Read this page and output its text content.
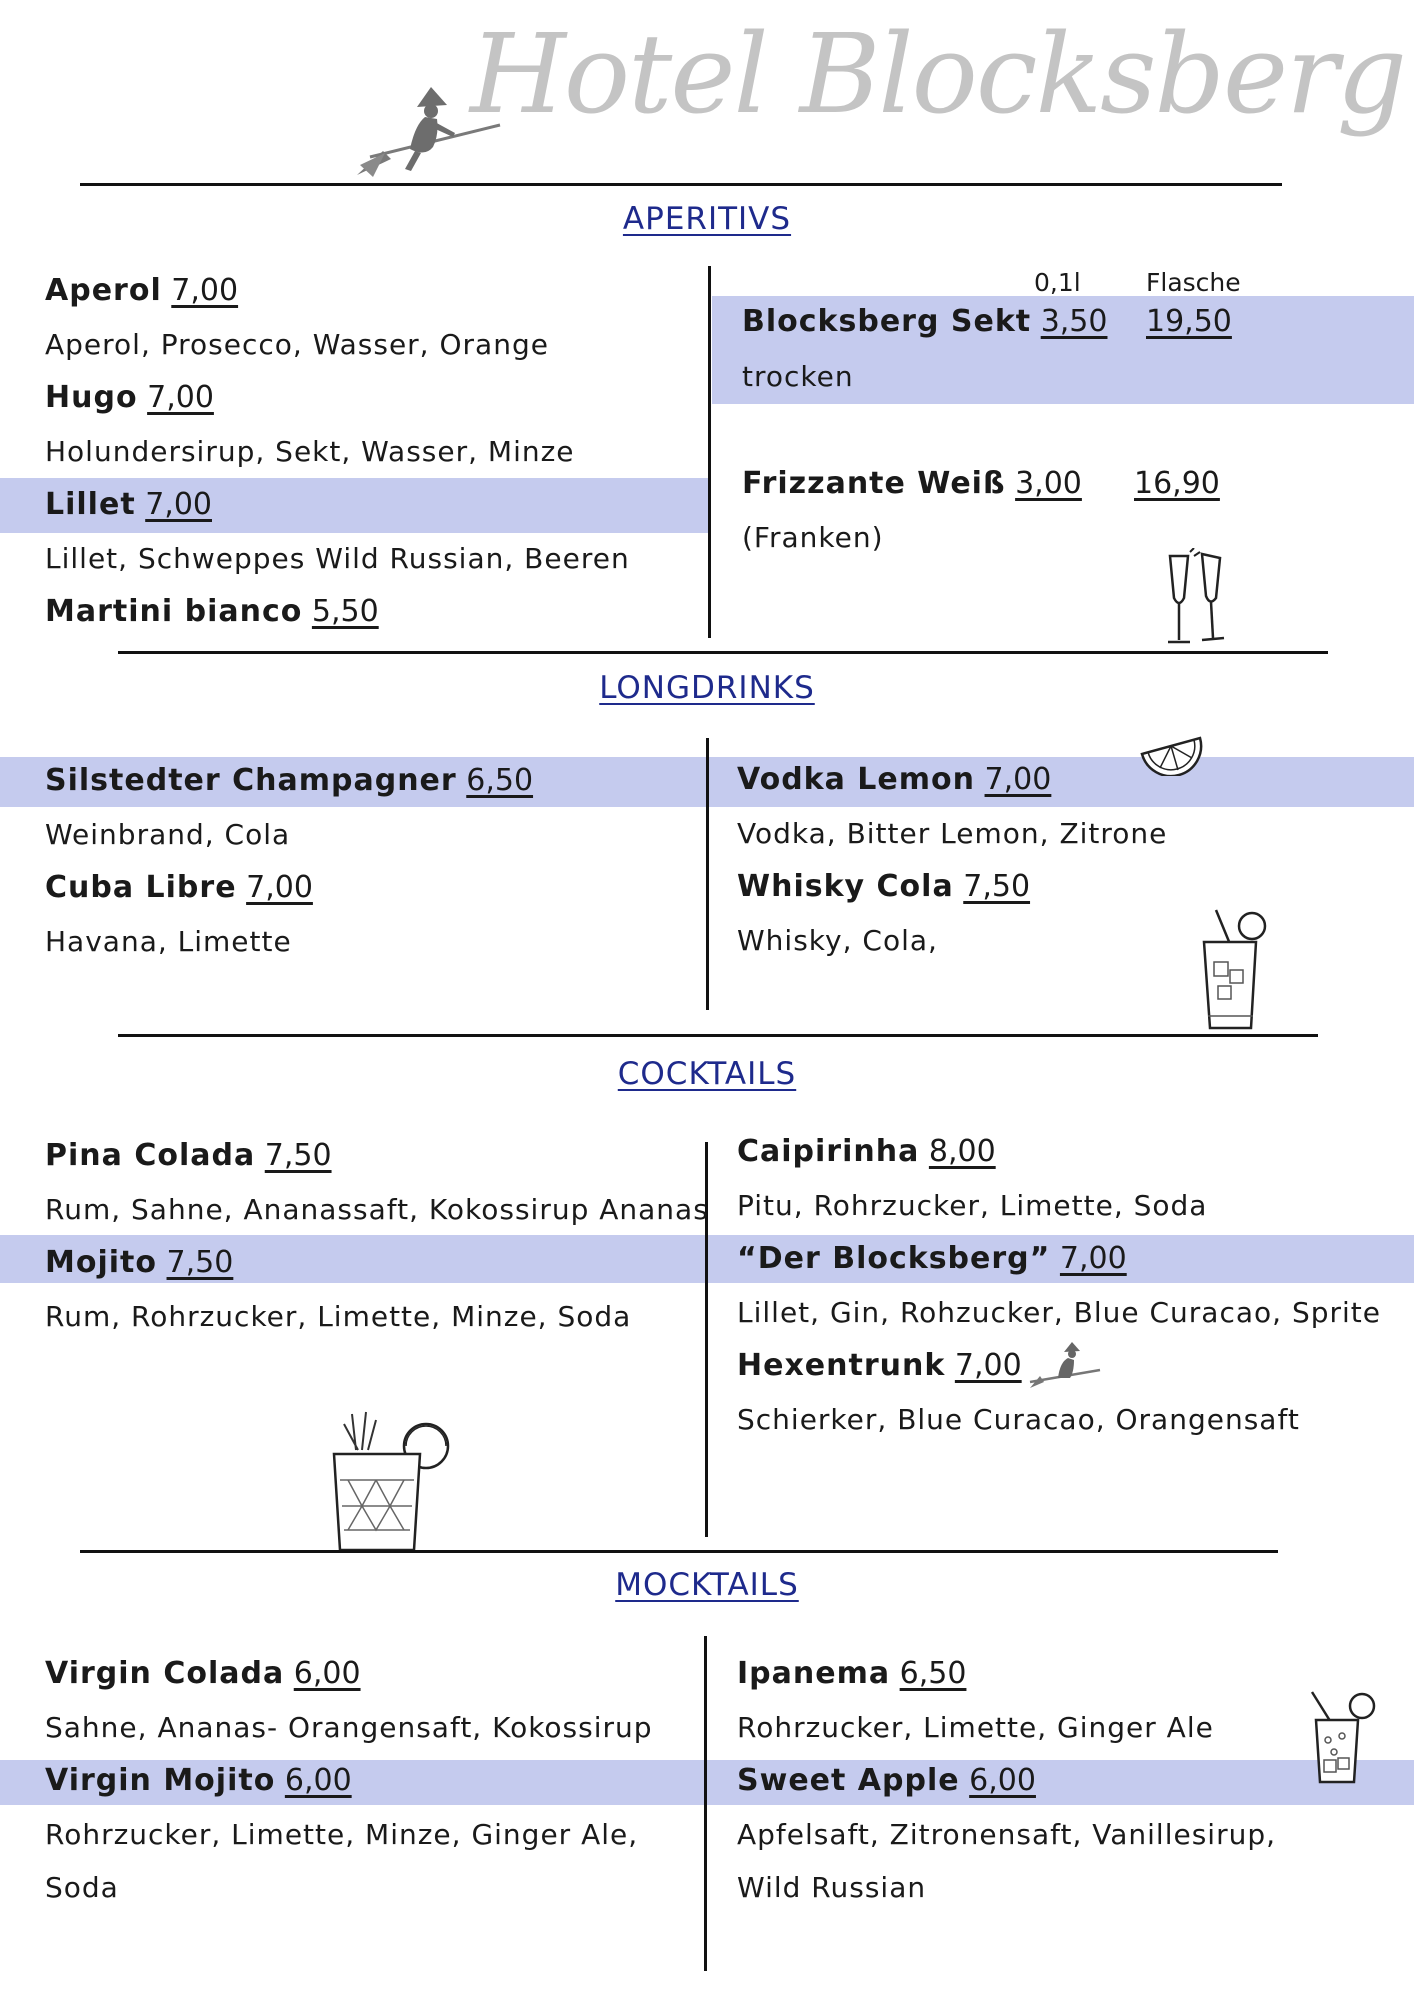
Hotel Blocksberg
APERITIVS
Aperol 7,00
Aperol, Prosecco, Wasser, Orange
Hugo 7,00
Holundersirup, Sekt, Wasser, Minze
Lillet 7,00
Lillet, Schweppes Wild Russian, Beeren
Martini bianco 5,50
0,1l	Flasche
Blocksberg Sekt 3,50 19,50
trocken
Frizzante Weiß 3,00 16,90
(Franken)
LONGDRINKS
Silstedter Champagner 6,50
Weinbrand, Cola
Cuba Libre 7,00
Havana, Limette
Vodka Lemon 7,00
Vodka, Bitter Lemon, Zitrone
Whisky Cola 7,50
Whisky, Cola,
COCKTAILS
Pina Colada 7,50
Rum, Sahne, Ananassaft, Kokossirup Ananas
Mojito 7,50
Rum, Rohrzucker, Limette, Minze, Soda
Caipirinha 8,00
Pitu, Rohrzucker, Limette, Soda
“Der Blocksberg” 7,00
Lillet, Gin, Rohzucker, Blue Curacao, Sprite
Hexentrunk 7,00
Schierker, Blue Curacao, Orangensaft
MOCKTAILS
Virgin Colada 6,00
Sahne, Ananas- Orangensaft, Kokossirup
Virgin Mojito 6,00
Rohrzucker, Limette, Minze, Ginger Ale,
Soda
Ipanema 6,50
Rohrzucker, Limette, Ginger Ale
Sweet Apple 6,00
Apfelsaft, Zitronensaft, Vanillesirup,
Wild Russian
